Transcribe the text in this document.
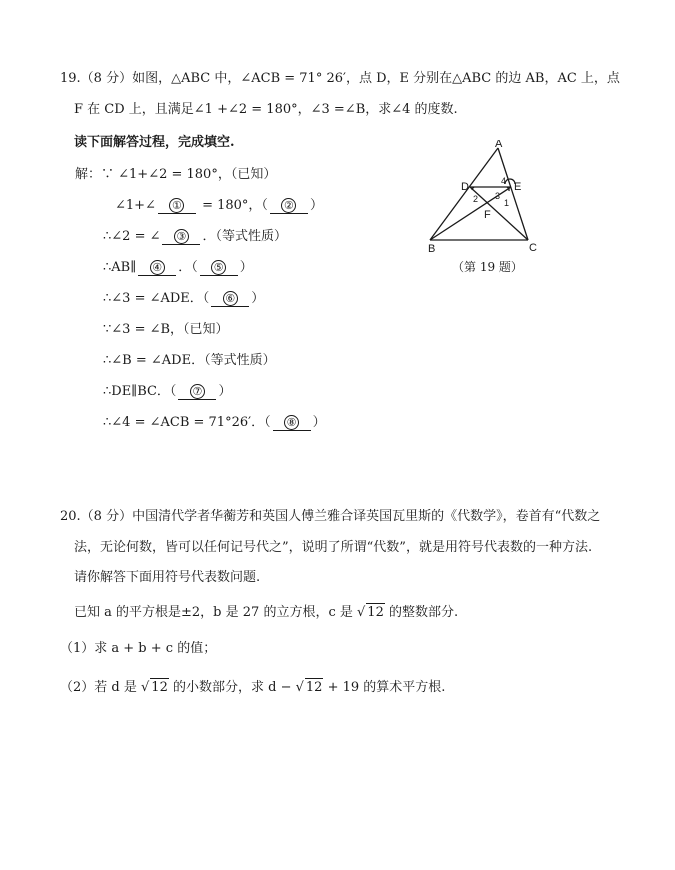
19.（8 分）如图，△ABC 中，∠ACB = 71° 26′，点 D，E 分别在△ABC 的边 AB，AC 上，点
F 在 CD 上，且满足∠1 +∠2 = 180°，∠3 =∠B，求∠4 的度数.
读下面解答过程，完成填空.
解：∵ ∠1+∠2 = 180°，（已知）
∠1+∠ ① = 180°，（ ② ）
∴∠2 = ∠ ③ ．（等式性质）
∴AB∥ ④ ．（ ⑤ ）
∴∠3 = ∠ADE．（ ⑥ ）
∵∠3 = ∠B，（已知）
∴∠B = ∠ADE．（等式性质）
∴DE∥BC．（ ⑦ ）
∴∠4 = ∠ACB = 71°26′．（ ⑧ ）
A
D	E
F
B	C
1
2 3
4
（第 19 题）
20.（8 分）中国清代学者华蘅芳和英国人傅兰雅合译英国瓦里斯的《代数学》，卷首有“代数之
法，无论何数，皆可以任何记号代之”，说明了所谓“代数”，就是用符号代表数的一种方法.
请你解答下面用符号代表数问题.
已知 a 的平方根是±2，b 是 27 的立方根，c 是 √ 12 的整数部分.
（1）求 a + b + c 的值；
（2）若 d 是 √ 12 的小数部分，求 d − √ 12 + 19 的算术平方根.
